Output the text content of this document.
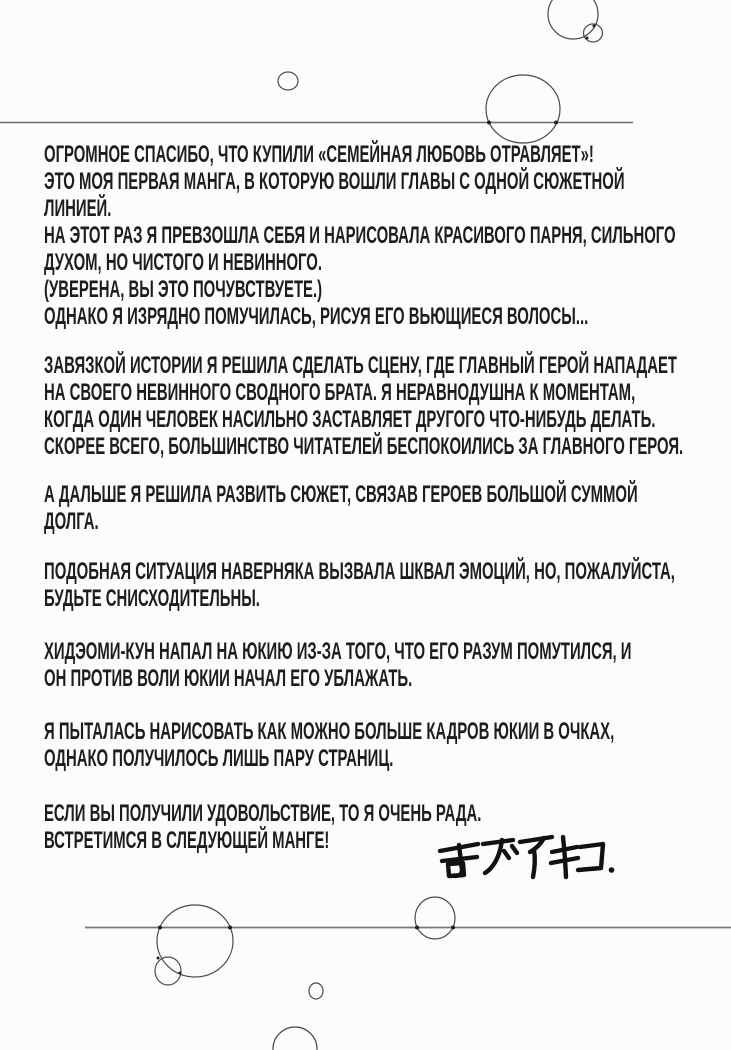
ОГРОМНОЕ СПАСИБО, ЧТО КУПИЛИ «СЕМЕЙНАЯ ЛЮБОВЬ ОТРАВЛЯЕТ»!
ЭТО МОЯ ПЕРВАЯ МАНГА, В КОТОРУЮ ВОШЛИ ГЛАВЫ С ОДНОЙ СЮЖЕТНОЙ
ЛИНИЕЙ.
НА ЭТОТ РАЗ Я ПРЕВЗОШЛА СЕБЯ И НАРИСОВАЛА КРАСИВОГО ПАРНЯ, СИЛЬНОГО
ДУХОМ, НО ЧИСТОГО И НЕВИННОГО.
(УВЕРЕНА, ВЫ ЭТО ПОЧУВСТВУЕТЕ.)
ОДНАКО Я ИЗРЯДНО ПОМУЧИЛАСЬ, РИСУЯ ЕГО ВЬЮЩИЕСЯ ВОЛОСЫ...
ЗАВЯЗКОЙ ИСТОРИИ Я РЕШИЛА СДЕЛАТЬ СЦЕНУ, ГДЕ ГЛАВНЫЙ ГЕРОЙ НАПАДАЕТ
НА СВОЕГО НЕВИННОГО СВОДНОГО БРАТА. Я НЕРАВНОДУШНА К МОМЕНТАМ,
КОГДА ОДИН ЧЕЛОВЕК НАСИЛЬНО ЗАСТАВЛЯЕТ ДРУГОГО ЧТО-НИБУДЬ ДЕЛАТЬ.
СКОРЕЕ ВСЕГО, БОЛЬШИНСТВО ЧИТАТЕЛЕЙ БЕСПОКОИЛИСЬ ЗА ГЛАВНОГО ГЕРОЯ.
А ДАЛЬШЕ Я РЕШИЛА РАЗВИТЬ СЮЖЕТ, СВЯЗАВ ГЕРОЕВ БОЛЬШОЙ СУММОЙ
ДОЛГА.
ПОДОБНАЯ СИТУАЦИЯ НАВЕРНЯКА ВЫЗВАЛА ШКВАЛ ЭМОЦИЙ, НО, ПОЖАЛУЙСТА,
БУДЬТЕ СНИСХОДИТЕЛЬНЫ.
ХИДЭОМИ-КУН НАПАЛ НА ЮКИЮ ИЗ-ЗА ТОГО, ЧТО ЕГО РАЗУМ ПОМУТИЛСЯ, И
ОН ПРОТИВ ВОЛИ ЮКИИ НАЧАЛ ЕГО УБЛАЖАТЬ.
Я ПЫТАЛАСЬ НАРИСОВАТЬ КАК МОЖНО БОЛЬШЕ КАДРОВ ЮКИИ В ОЧКАХ,
ОДНАКО ПОЛУЧИЛОСЬ ЛИШЬ ПАРУ СТРАНИЦ.
ЕСЛИ ВЫ ПОЛУЧИЛИ УДОВОЛЬСТВИЕ, ТО Я ОЧЕНЬ РАДА.
ВСТРЕТИМСЯ В СЛЕДУЮЩЕЙ МАНГЕ!
